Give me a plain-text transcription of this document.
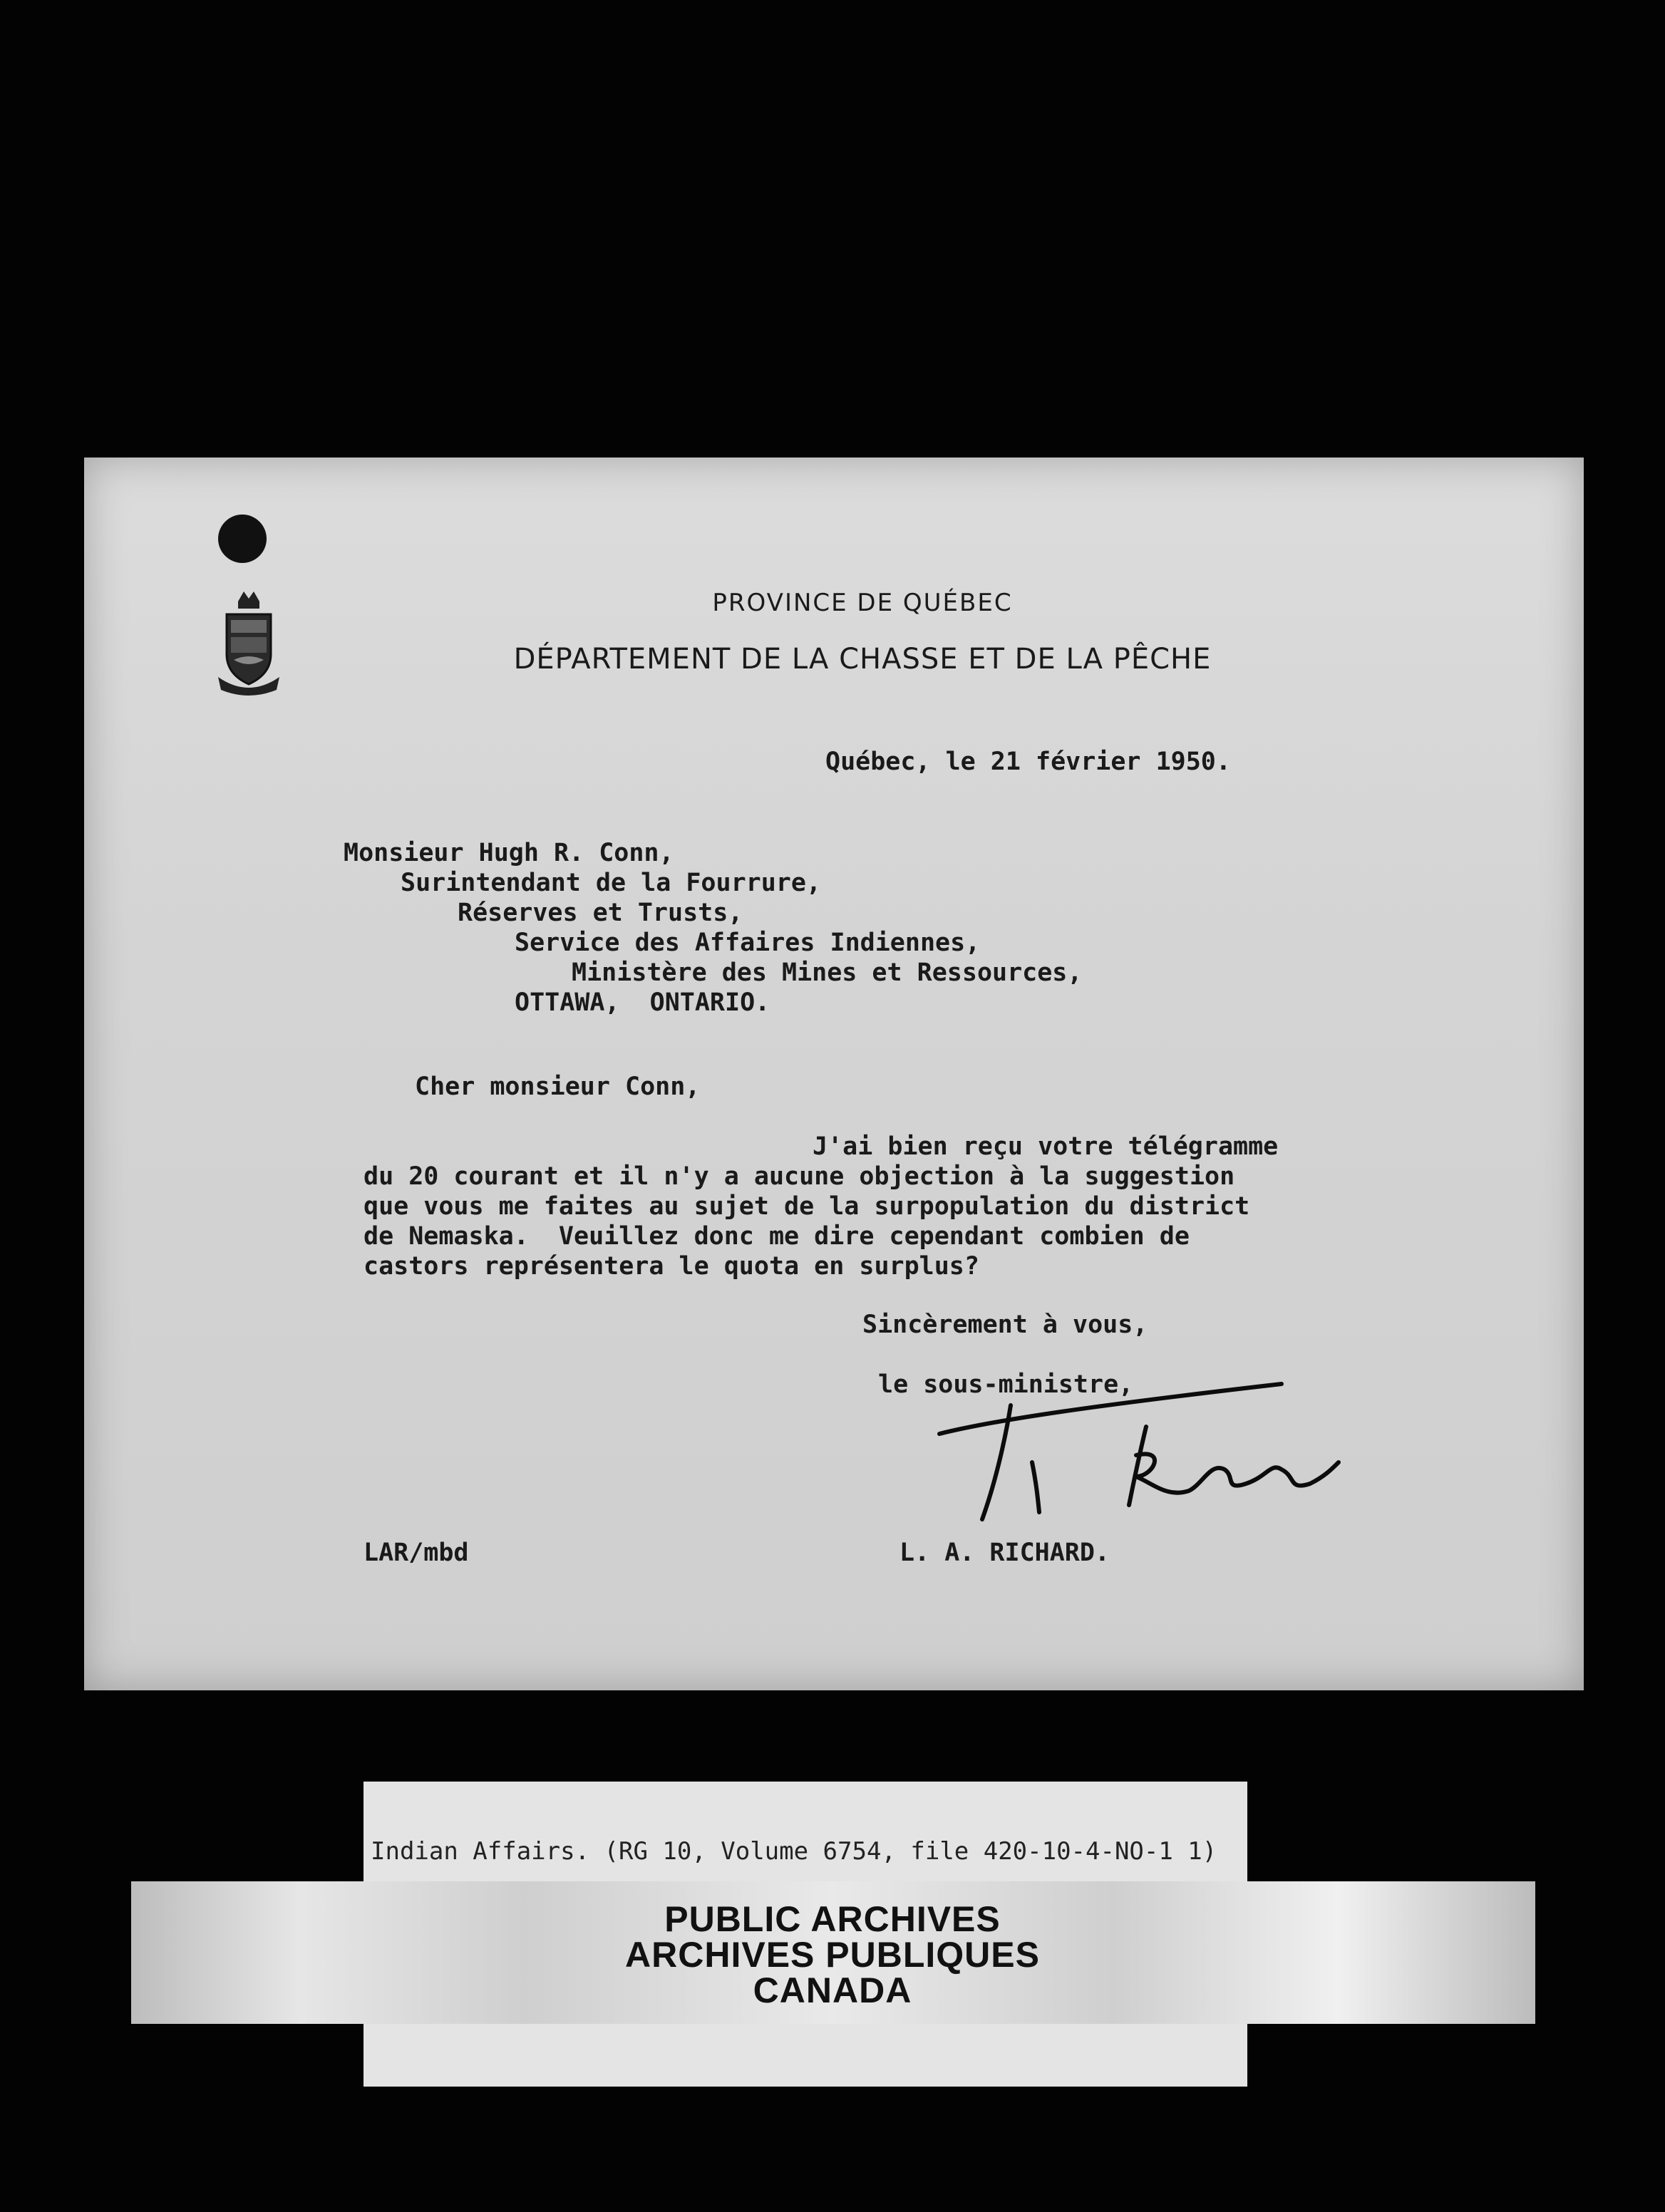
PROVINCE DE QUÉBEC
DÉPARTEMENT DE LA CHASSE ET DE LA PÊCHE
Québec, le 21 février 1950.
Monsieur Hugh R. Conn,
Surintendant de la Fourrure,
Réserves et Trusts,
Service des Affaires Indiennes,
Ministère des Mines et Ressources,
OTTAWA,  ONTARIO.
Cher monsieur Conn,
J'ai bien reçu votre télégramme
du 20 courant et il n'y a aucune objection à la suggestion
que vous me faites au sujet de la surpopulation du district
de Nemaska.  Veuillez donc me dire cependant combien de
castors représentera le quota en surplus?
Sincèrement à vous,
le sous-ministre,
LAR/mbd	L. A. RICHARD.
Indian Affairs. (RG 10, Volume 6754, file 420-10-4-NO-1 1)
PUBLIC ARCHIVES
ARCHIVES PUBLIQUES
CANADA
